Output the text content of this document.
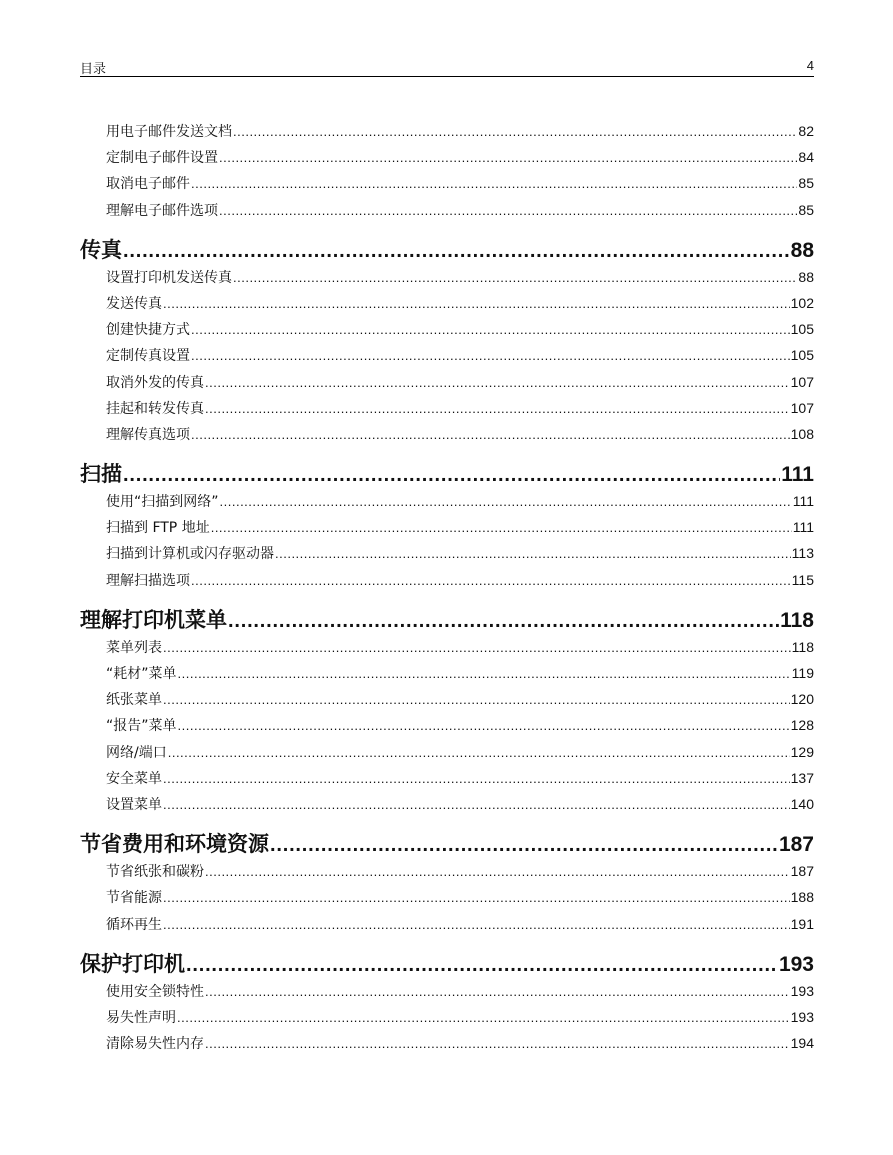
目录	4
用电子邮件发送文档 .....	82
定制电子邮件设置 .....	84
取消电子邮件 .....	85
理解电子邮件选项 .....	85
传真 .....	88
设置打印机发送传真 .....	88
发送传真 .....	102
创建快捷方式 .....	105
定制传真设置 .....	105
取消外发的传真 .....	107
挂起和转发传真 .....	107
理解传真选项 .....	108
扫描 .....	111
使用“扫描到网络” .....	111
扫描到 FTP 地址 .....	111
扫描到计算机或闪存驱动器 .....	113
理解扫描选项 .....	115
理解打印机菜单 .....	118
菜单列表 .....	118
“耗材”菜单 .....	119
纸张菜单 .....	120
“报告”菜单 .....	128
网络/端口 .....	129
安全菜单 .....	137
设置菜单 .....	140
节省费用和环境资源 .....	187
节省纸张和碳粉 .....	187
节省能源 .....	188
循环再生 .....	191
保护打印机 .....	193
使用安全锁特性 .....	193
易失性声明 .....	193
清除易失性内存 .....	194
